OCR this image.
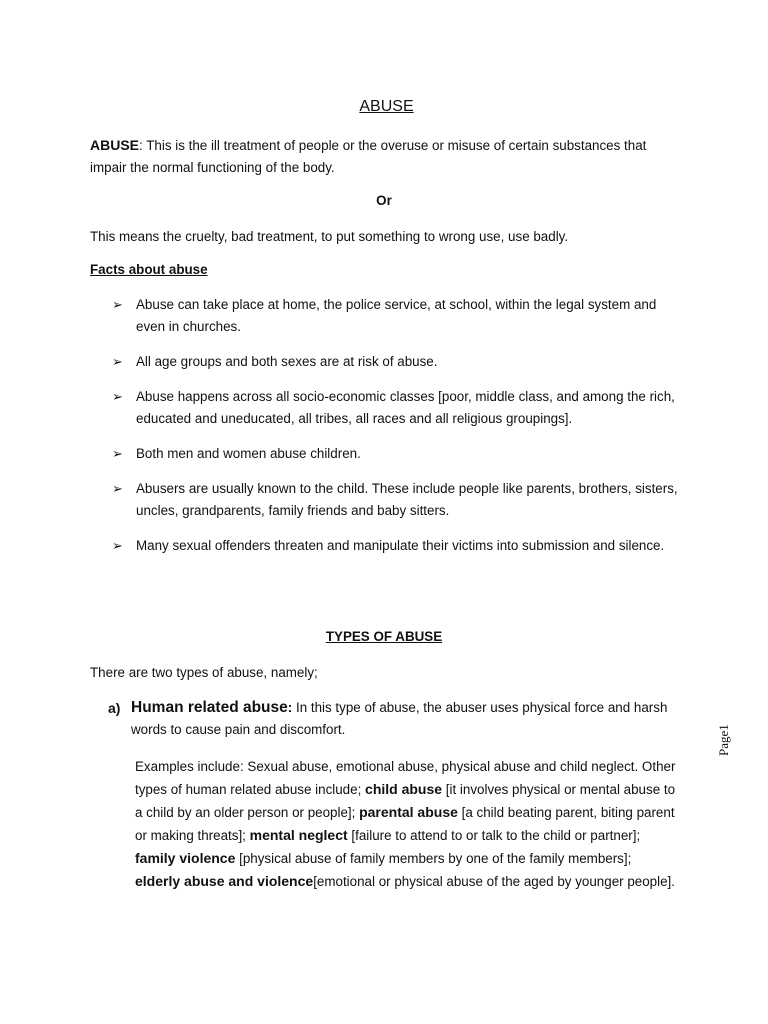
ABUSE
ABUSE: This is the ill treatment of people or the overuse or misuse of certain substances that impair the normal functioning of the body.
Or
This means the cruelty, bad treatment, to put something to wrong use, use badly.
Facts about abuse
➢ Abuse can take place at home, the police service, at school, within the legal system and even in churches.
➢ All age groups and both sexes are at risk of abuse.
➢ Abuse happens across all socio-economic classes [poor, middle class, and among the rich, educated and uneducated, all tribes, all races and all religious groupings].
➢ Both men and women abuse children.
➢ Abusers are usually known to the child. These include people like parents, brothers, sisters, uncles, grandparents, family friends and baby sitters.
➢ Many sexual offenders threaten and manipulate their victims into submission and silence.
TYPES OF ABUSE
There are two types of abuse, namely;
a) Human related abuse: In this type of abuse, the abuser uses physical force and harsh words to cause pain and discomfort.
Examples include: Sexual abuse, emotional abuse, physical abuse and child neglect. Other types of human related abuse include; child abuse [it involves physical or mental abuse to a child by an older person or people]; parental abuse [a child beating parent, biting parent or making threats]; mental neglect [failure to attend to or talk to the child or partner]; family violence [physical abuse of family members by one of the family members]; elderly abuse and violence[emotional or physical abuse of the aged by younger people].
Page1
